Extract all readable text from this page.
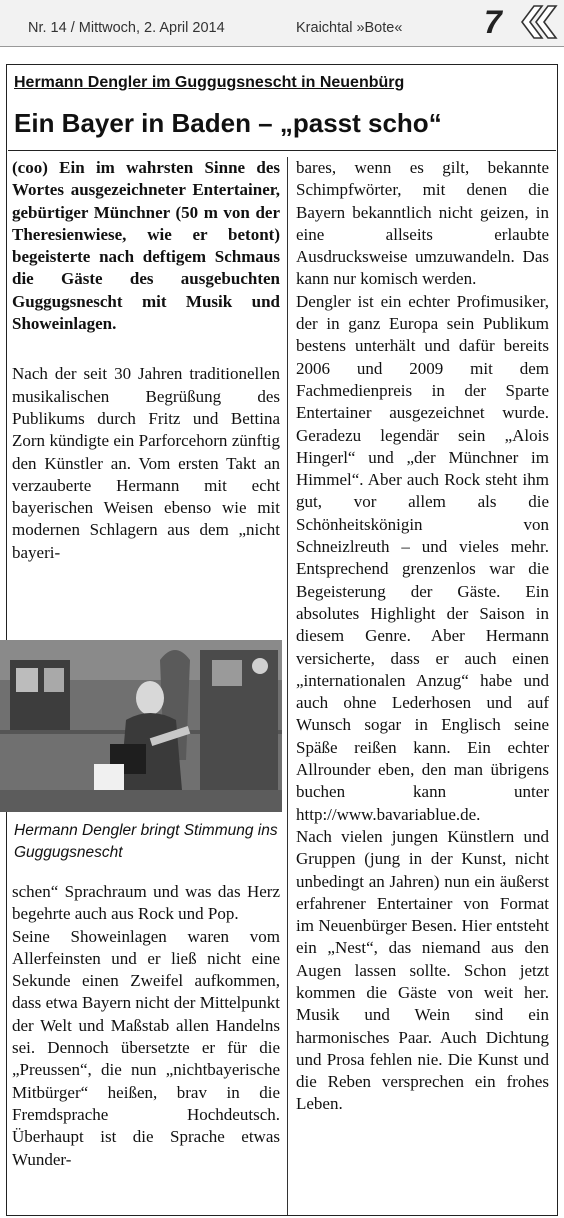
Nr. 14 / Mittwoch, 2. April 2014	Kraichtal »Bote«	7
Hermann Dengler im Guggugsnescht in Neuenbürg
Ein Bayer in Baden – „passt scho“

(coo) Ein im wahrsten Sinne des Wortes ausgezeichneter Entertainer, gebürtiger Münchner (50 m von der Theresienwiese, wie er betont) begeisterte nach deftigem Schmaus die Gäste des ausgebuchten Guggugsnescht mit Musik und Showeinlagen.

Nach der seit 30 Jahren traditionellen musikalischen Begrüßung des Publikums durch Fritz und Bettina Zorn kündigte ein Parforcehorn zünftig den Künstler an. Vom ersten Takt an verzauberte Hermann mit echt bayerischen Weisen ebenso wie mit modernen Schlagern aus dem „nicht bayeri-

Hermann Dengler bringt Stimmung ins Guggugsnescht

schen“ Sprachraum und was das Herz begehrte auch aus Rock und Pop.

Seine Showeinlagen waren vom Allerfeinsten und er ließ nicht eine Sekunde einen Zweifel aufkommen, dass etwa Bayern nicht der Mittelpunkt der Welt und Maßstab allen Handelns sei. Dennoch übersetzte er für die „Preussen“, die nun „nichtbayerische Mitbürger“ heißen, brav in die Fremdsprache Hochdeutsch. Überhaupt ist die Sprache etwas Wunder-

bares, wenn es gilt, bekannte Schimpfwörter, mit denen die Bayern bekanntlich nicht geizen, in eine allseits erlaubte Ausdrucksweise umzuwandeln. Das kann nur komisch werden.

Dengler ist ein echter Profimusiker, der in ganz Europa sein Publikum bestens unterhält und dafür bereits 2006 und 2009 mit dem Fachmedienpreis in der Sparte Entertainer ausgezeichnet wurde. Geradezu legendär sein „Alois Hingerl“ und „der Münchner im Himmel“. Aber auch Rock steht ihm gut, vor allem als die Schönheitskönigin von Schneizlreuth – und vieles mehr. Entsprechend grenzenlos war die Begeisterung der Gäste. Ein absolutes Highlight der Saison in diesem Genre. Aber Hermann versicherte, dass er auch einen „internationalen Anzug“ habe und auch ohne Lederhosen und auf Wunsch sogar in Englisch seine Späße reißen kann. Ein echter Allrounder eben, den man übrigens buchen kann unter http://www.bavariablue.de.

Nach vielen jungen Künstlern und Gruppen (jung in der Kunst, nicht unbedingt an Jahren) nun ein äußerst erfahrener Entertainer von Format im Neuenbürger Besen. Hier entsteht ein „Nest“, das niemand aus den Augen lassen sollte. Schon jetzt kommen die Gäste von weit her. Musik und Wein sind ein harmonisches Paar. Auch Dichtung und Prosa fehlen nie. Die Kunst und die Reben versprechen ein frohes Leben.
